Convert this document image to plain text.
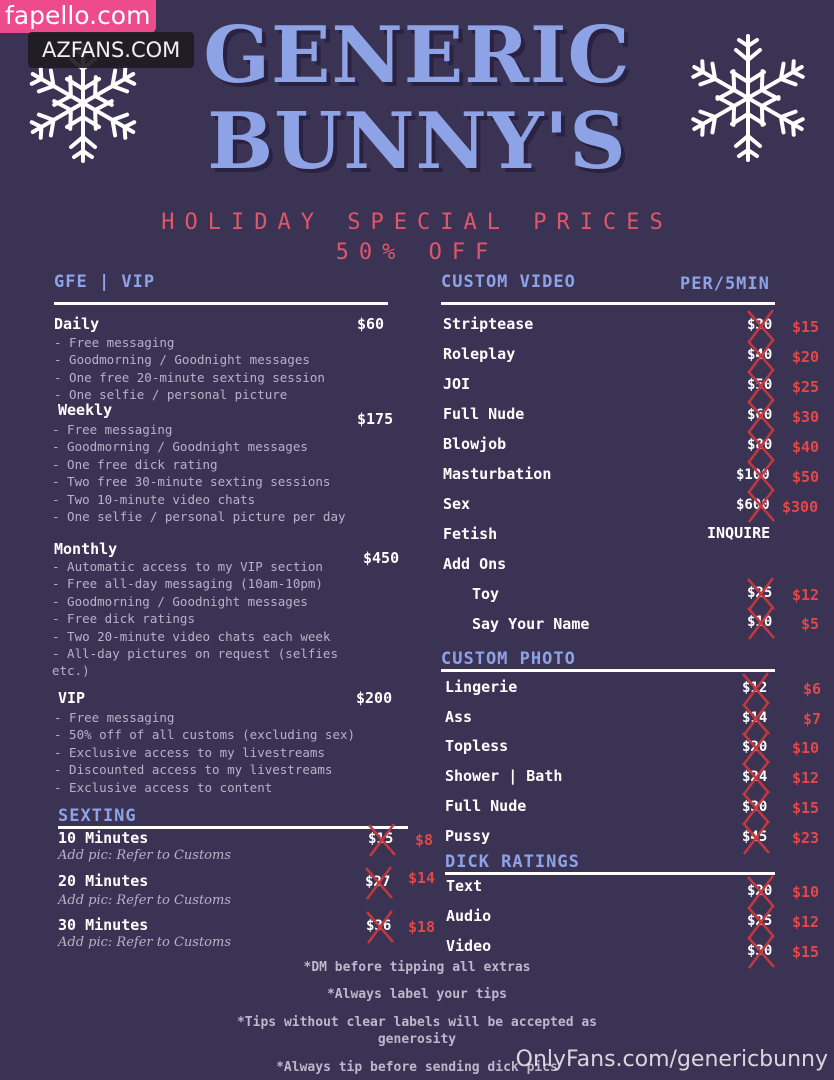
GENERIC
BUNNY'S
HOLIDAY SPECIAL PRICES
50% OFF
fapello.com
AZFANS.COM
GFE | VIP
Daily	$60
- Free messaging
- Goodmorning / Goodnight messages
- One free 20-minute sexting session
- One selfie / personal picture
Weekly	$175
- Free messaging
- Goodmorning / Goodnight messages
- One free dick rating
- Two free 30-minute sexting sessions
- Two 10-minute video chats
- One selfie / personal picture per day
Monthly	$450
- Automatic access to my VIP section
- Free all-day messaging (10am-10pm)
- Goodmorning / Goodnight messages
- Free dick ratings
- Two 20-minute video chats each week
- All-day pictures on request (selfies
etc.)
VIP	$200
- Free messaging
- 50% off of all customs (excluding sex)
- Exclusive access to my livestreams
- Discounted access to my livestreams
- Exclusive access to content
SEXTING
10 Minutes
Add pic: Refer to Customs
$15 $8
20 Minutes
Add pic: Refer to Customs
$27 $14
30 Minutes
Add pic: Refer to Customs
$36 $18
CUSTOM VIDEO	PER/5MIN
Striptease	$30 $15
Roleplay	$40 $20
JOI	$50 $25
Full Nude	$60 $30
Blowjob	$80 $40
Masturbation	$100 $50
Sex	$600 $300
Fetish	INQUIRE
Add Ons
Toy	$25 $12
Say Your Name	$10 $5
CUSTOM PHOTO
Lingerie	$12 $6
Ass	$14 $7
Topless	$20 $10
Shower | Bath	$24 $12
Full Nude	$30 $15
Pussy	$45 $23
DICK RATINGS
Text	$20 $10
Audio	$25 $12
Video	$30 $15
*DM before tipping all extras
*Always label your tips
*Tips without clear labels will be accepted as
generosity
*Always tip before sending dick pics
OnlyFans.com/genericbunny
